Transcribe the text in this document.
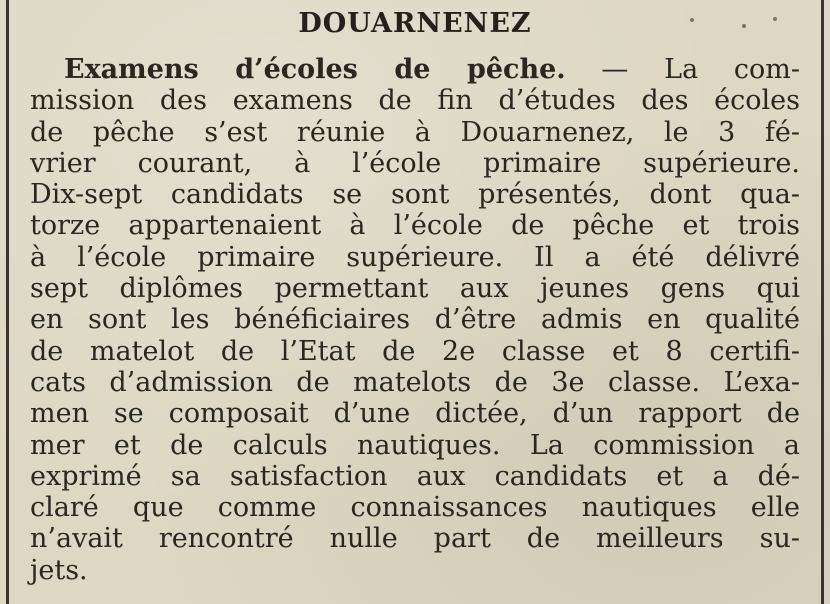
DOUARNENEZ
Examens d’écoles de pêche. — La com-
mission des examens de fin d’études des écoles
de pêche s’est réunie à Douarnenez, le 3 fé-
vrier courant, à l’école primaire supérieure.
Dix-sept candidats se sont présentés, dont qua-
torze appartenaient à l’école de pêche et trois
à l’école primaire supérieure. Il a été délivré
sept diplômes permettant aux jeunes gens qui
en sont les bénéficiaires d’être admis en qualité
de matelot de l’Etat de 2e classe et 8 certifi-
cats d’admission de matelots de 3e classe. L’exa-
men se composait d’une dictée, d’un rapport de
mer et de calculs nautiques. La commission a
exprimé sa satisfaction aux candidats et a dé-
claré que comme connaissances nautiques elle
n’avait rencontré nulle part de meilleurs su-
jets.
